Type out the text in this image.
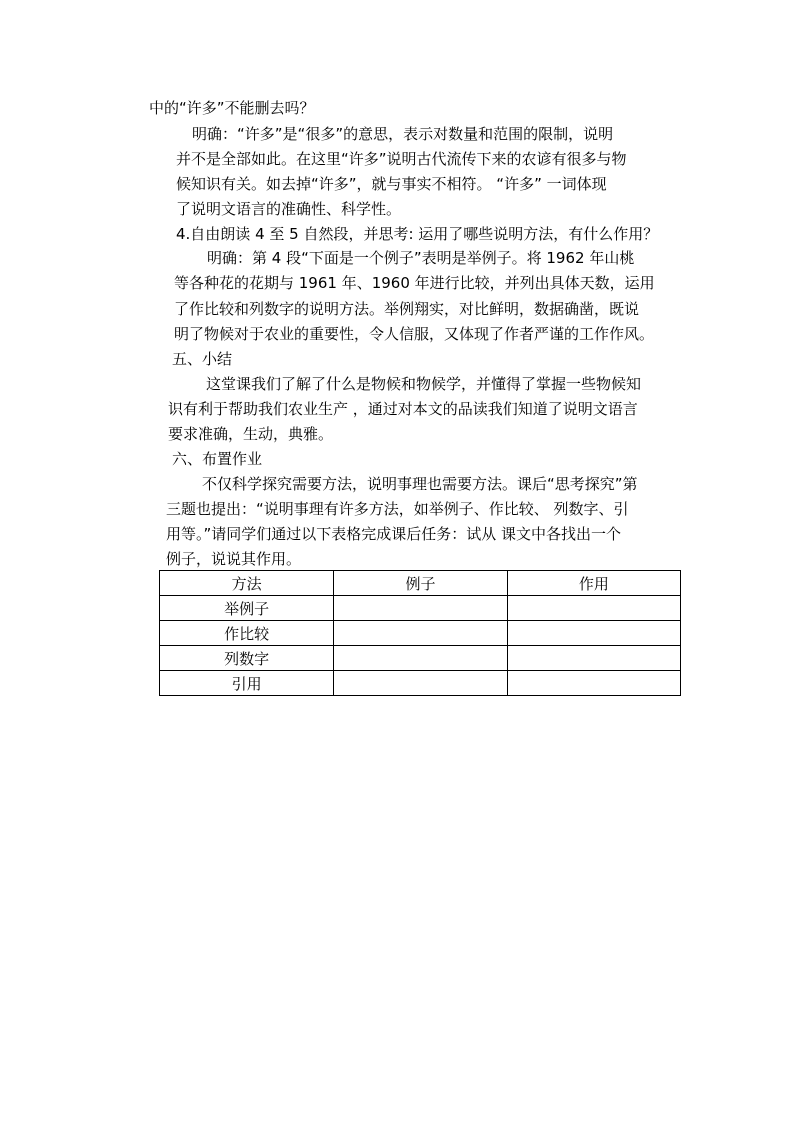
中的“许多”不能删去吗？
明确：“许多”是“很多”的意思，表示对数量和范围的限制，说明
并不是全部如此。在这里“许多”说明古代流传下来的农谚有很多与物
候知识有关。如去掉“许多”，就与事实不相符。 “许多” 一词体现
了说明文语言的准确性、科学性。
4.自由朗读 4 至 5 自然段，并思考: 运用了哪些说明方法，有什么作用？
明确：第 4 段“下面是一个例子”表明是举例子。将 1962 年山桃
等各种花的花期与 1961 年、1960 年进行比较，并列出具体天数，运用
了作比较和列数字的说明方法。举例翔实，对比鲜明，数据确凿，既说
明了物候对于农业的重要性，令人信服，又体现了作者严谨的工作作风。
五、小结
这堂课我们了解了什么是物候和物候学，并懂得了掌握一些物候知
识有利于帮助我们农业生产 ，通过对本文的品读我们知道了说明文语言
要求准确，生动，典雅。
六、布置作业
不仅科学探究需要方法，说明事理也需要方法。课后“思考探究”第
三题也提出：“说明事理有许多方法，如举例子、作比较、 列数字、引
用等。”请同学们通过以下表格完成课后任务：试从 课文中各找出一个
例子，说说其作用。
方法	例子	作用
举例子		
作比较		
列数字		
引用		
